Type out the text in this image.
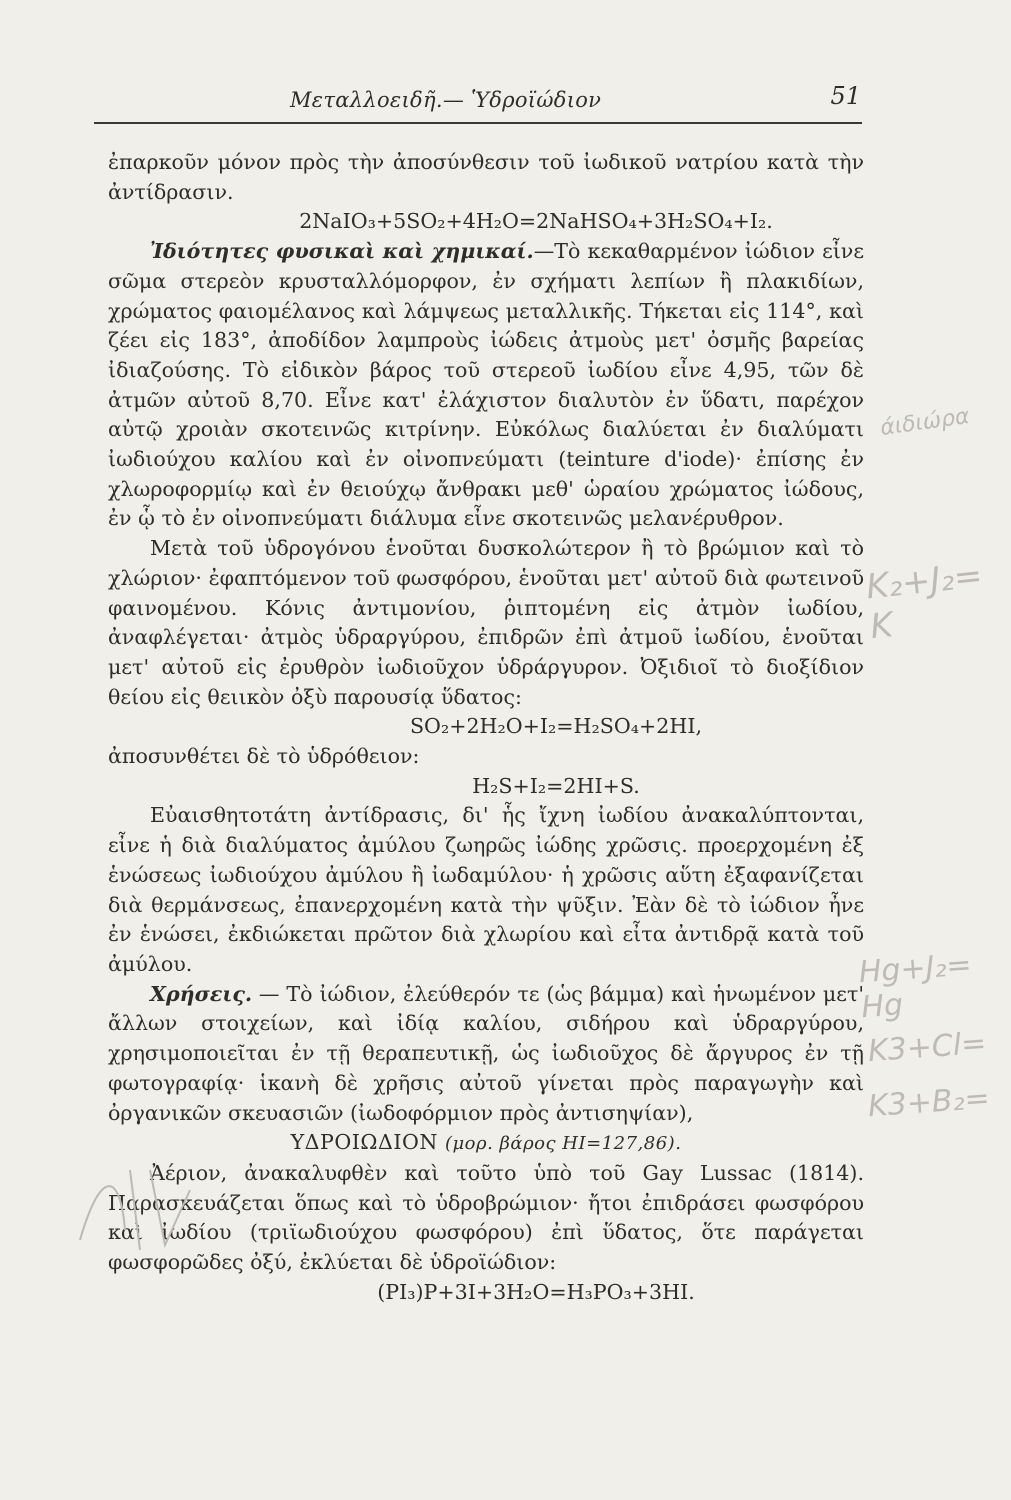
Μεταλλοειδῆ.— Ὑδροϊώδιον	51

ἐπαρκοῦν μόνον πρὸς τὴν ἀποσύνθεσιν τοῦ ἰωδικοῦ νατρίου κατὰ τὴν ἀντίδρασιν.

2NaIO₃+5SO₂+4H₂O=2NaHSO₄+3H₂SO₄+I₂.

Ἰδιότητες φυσικαὶ καὶ χημικαί.—Τὸ κεκαθαρμένον ἰώδιον εἶνε σῶμα στερεὸν κρυσταλλόμορφον, ἐν σχήματι λεπίων ἢ πλακιδίων, χρώματος φαιομέλανος καὶ λάμψεως μεταλλικῆς. Τήκεται εἰς 114°, καὶ ζέει εἰς 183°, ἀποδίδον λαμπροὺς ἰώδεις ἀτμοὺς μετ' ὀσμῆς βαρείας ἰδιαζούσης. Τὸ εἰδικὸν βάρος τοῦ στερεοῦ ἰωδίου εἶνε 4,95, τῶν δὲ ἀτμῶν αὐτοῦ 8,70. Εἶνε κατ' ἐλάχιστον διαλυτὸν ἐν ὕδατι, παρέχον αὐτῷ χροιὰν σκοτεινῶς κιτρίνην. Εὐκόλως διαλύεται ἐν διαλύματι ἰωδιούχου καλίου καὶ ἐν οἰνοπνεύματι (teinture d'iode)· ἐπίσης ἐν χλωροφορμίῳ καὶ ἐν θειούχῳ ἄνθρακι μεθ' ὡραίου χρώματος ἰώδους, ἐν ᾧ τὸ ἐν οἰνοπνεύματι διάλυμα εἶνε σκοτεινῶς μελανέρυθρον.

Μετὰ τοῦ ὑδρογόνου ἑνοῦται δυσκολώτερον ἢ τὸ βρώμιον καὶ τὸ χλώριον· ἐφαπτόμενον τοῦ φωσφόρου, ἑνοῦται μετ' αὐτοῦ διὰ φωτεινοῦ φαινομένου. Κόνις ἀντιμονίου, ῥιπτομένη εἰς ἀτμὸν ἰωδίου, ἀναφλέγεται· ἀτμὸς ὑδραργύρου, ἐπιδρῶν ἐπὶ ἀτμοῦ ἰωδίου, ἑνοῦται μετ' αὐτοῦ εἰς ἐρυθρὸν ἰωδιοῦχον ὑδράργυρον. Ὀξιδιοῖ τὸ διοξίδιον θείου εἰς θειικὸν ὀξὺ παρουσίᾳ ὕδατος:

SO₂+2H₂O+I₂=H₂SO₄+2HI,

ἀποσυνθέτει δὲ τὸ ὑδρόθειον:

H₂S+I₂=2HI+S.

Εὐαισθητοτάτη ἀντίδρασις, δι' ἧς ἴχνη ἰωδίου ἀνακαλύπτονται, εἶνε ἡ διὰ διαλύματος ἀμύλου ζωηρῶς ἰώδης χρῶσις. προερχομένη ἐξ ἑνώσεως ἰωδιούχου ἀμύλου ἢ ἰωδαμύλου· ἡ χρῶσις αὕτη ἐξαφανίζεται διὰ θερμάνσεως, ἐπανερχομένη κατὰ τὴν ψῦξιν. Ἐὰν δὲ τὸ ἰώδιον ἦνε ἐν ἑνώσει, ἐκδιώκεται πρῶτον διὰ χλωρίου καὶ εἶτα ἀντιδρᾷ κατὰ τοῦ ἀμύλου.

Χρήσεις. — Τὸ ἰώδιον, ἐλεύθερόν τε (ὡς βάμμα) καὶ ἡνωμένον μετ' ἄλλων στοιχείων, καὶ ἰδίᾳ καλίου, σιδήρου καὶ ὑδραργύρου, χρησιμοποιεῖται ἐν τῇ θεραπευτικῇ, ὡς ἰωδιοῦχος δὲ ἄργυρος ἐν τῇ φωτογραφίᾳ· ἱκανὴ δὲ χρῆσις αὐτοῦ γίνεται πρὸς παραγωγὴν καὶ ὀργανικῶν σκευασιῶν (ἰωδοφόρμιον πρὸς ἀντισηψίαν),

ΥΔΡΟΙΩΔΙΟΝ (μορ. βάρος HI=127,86).

Ἀέριον, ἀνακαλυφθὲν καὶ τοῦτο ὑπὸ τοῦ Gay Lussac (1814). Παρασκευάζεται ὅπως καὶ τὸ ὑδροβρώμιον· ἤτοι ἐπιδράσει φωσφόρου καὶ ἰωδίου (τριϊωδιούχου φωσφόρου) ἐπὶ ὕδατος, ὅτε παράγεται φωσφορῶδες ὀξύ, ἐκλύεται δὲ ὑδροϊώδιον:

(PI₃)P+3I+3H₂O=H₃PO₃+3HI.

ά⁠ιδιώρα
K₂+J₂= K
Hg+J₂= Hg
K3+Cl=
K3+B₂=
